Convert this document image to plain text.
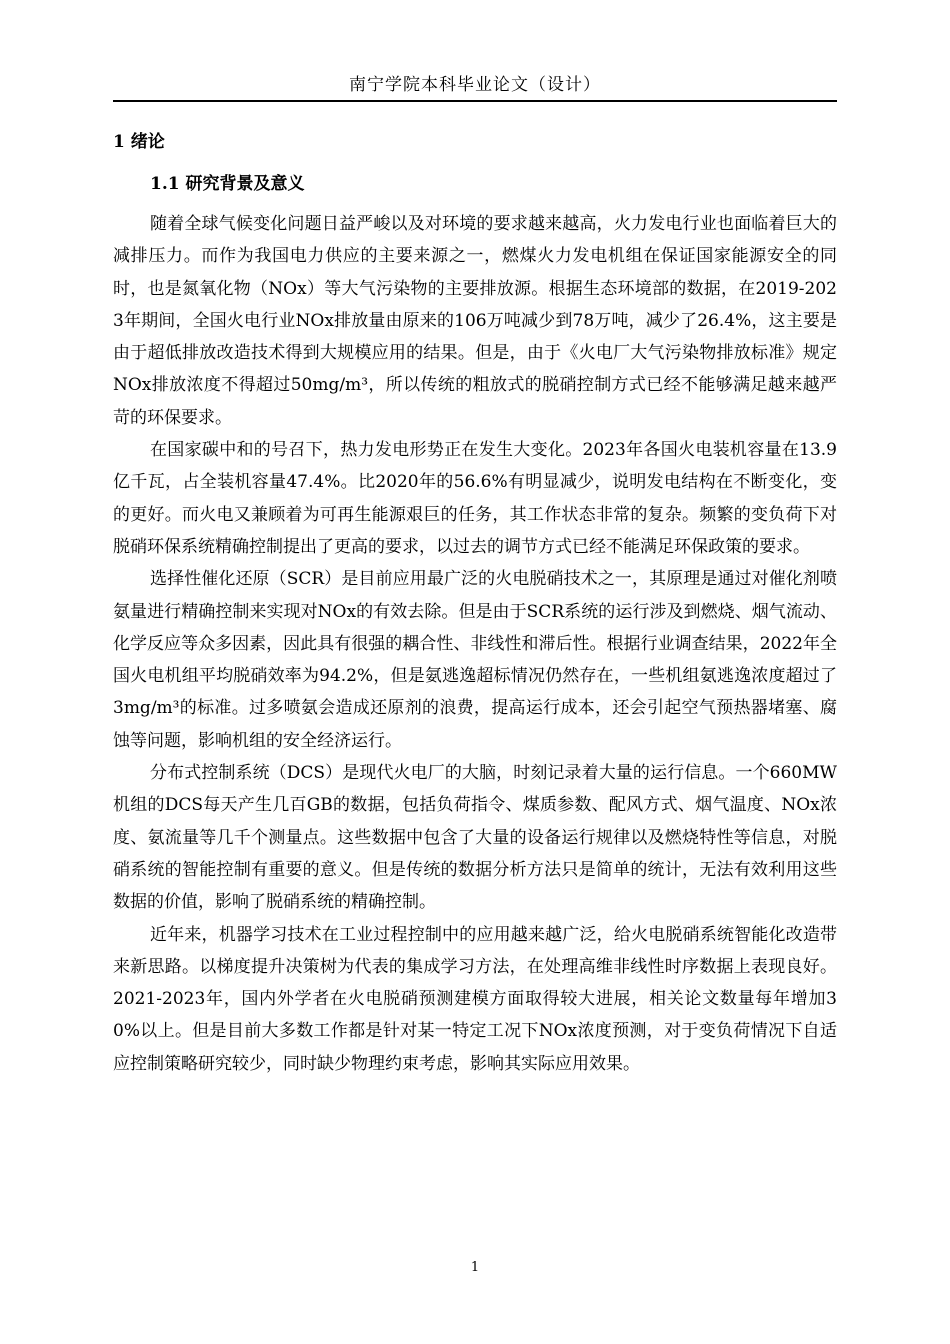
南宁学院本科毕业论文（设计）
1 绪论
1.1 研究背景及意义

随着全球气候变化问题日益严峻以及对环境的要求越来越高，火力发电行业也面临着巨大的减排压力。而作为我国电力供应的主要来源之一，燃煤火力发电机组在保证国家能源安全的同时，也是氮氧化物（NOx）等大气污染物的主要排放源。根据生态环境部的数据，在2019-2023年期间，全国火电行业NOx排放量由原来的106万吨减少到78万吨，减少了26.4%，这主要是由于超低排放改造技术得到大规模应用的结果。但是，由于《火电厂大气污染物排放标准》规定NOx排放浓度不得超过50mg/m³，所以传统的粗放式的脱硝控制方式已经不能够满足越来越严苛的环保要求。

在国家碳中和的号召下，热力发电形势正在发生大变化。2023年各国火电装机容量在13.9亿千瓦，占全装机容量47.4%。比2020年的56.6%有明显减少，说明发电结构在不断变化，变的更好。而火电又兼顾着为可再生能源艰巨的任务，其工作状态非常的复杂。频繁的变负荷下对脱硝环保系统精确控制提出了更高的要求，以过去的调节方式已经不能满足环保政策的要求。

选择性催化还原（SCR）是目前应用最广泛的火电脱硝技术之一，其原理是通过对催化剂喷氨量进行精确控制来实现对NOx的有效去除。但是由于SCR系统的运行涉及到燃烧、烟气流动、化学反应等众多因素，因此具有很强的耦合性、非线性和滞后性。根据行业调查结果，2022年全国火电机组平均脱硝效率为94.2%，但是氨逃逸超标情况仍然存在，一些机组氨逃逸浓度超过了3mg/m³的标准。过多喷氨会造成还原剂的浪费，提高运行成本，还会引起空气预热器堵塞、腐蚀等问题，影响机组的安全经济运行。

分布式控制系统（DCS）是现代火电厂的大脑，时刻记录着大量的运行信息。一个660MW机组的DCS每天产生几百GB的数据，包括负荷指令、煤质参数、配风方式、烟气温度、NOx浓度、氨流量等几千个测量点。这些数据中包含了大量的设备运行规律以及燃烧特性等信息，对脱硝系统的智能控制有重要的意义。但是传统的数据分析方法只是简单的统计，无法有效利用这些数据的价值，影响了脱硝系统的精确控制。

近年来，机器学习技术在工业过程控制中的应用越来越广泛，给火电脱硝系统智能化改造带来新思路。以梯度提升决策树为代表的集成学习方法，在处理高维非线性时序数据上表现良好。2021-2023年，国内外学者在火电脱硝预测建模方面取得较大进展，相关论文数量每年增加30%以上。但是目前大多数工作都是针对某一特定工况下NOx浓度预测，对于变负荷情况下自适应控制策略研究较少，同时缺少物理约束考虑，影响其实际应用效果。

1
